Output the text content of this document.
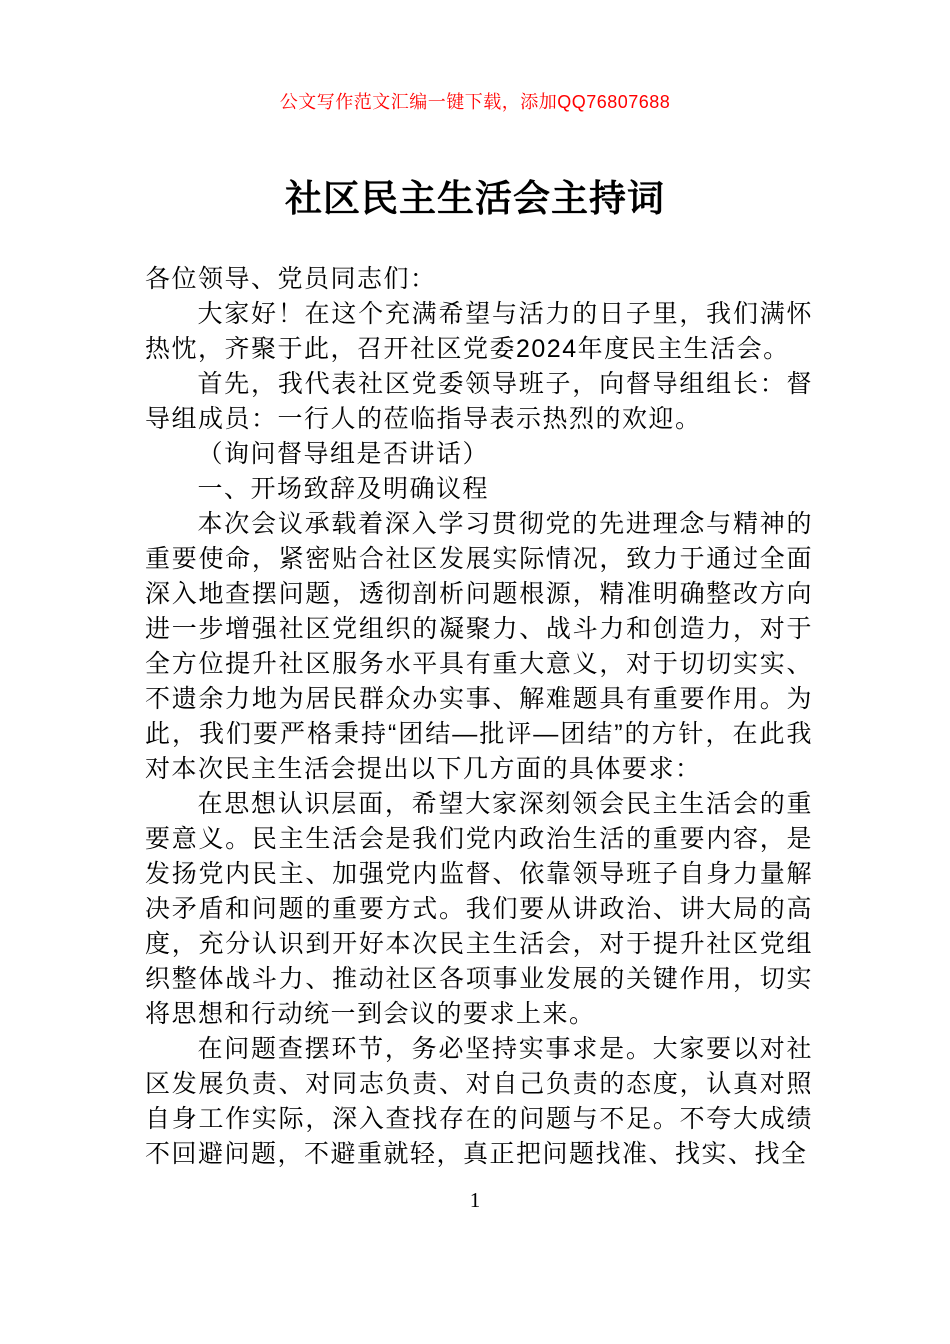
公文写作范文汇编一键下载，添加QQ76807688
社区民主生活会主持词

各位领导、党员同志们：

大家好！在这个充满希望与活力的日子里，我们满怀热忱，齐聚于此，召开社区党委2024年度民主生活会。

首先，我代表社区党委领导班子，向督导组组长：督导组成员：一行人的莅临指导表示热烈的欢迎。

（询问督导组是否讲话）

一、开场致辞及明确议程

本次会议承载着深入学习贯彻党的先进理念与精神的重要使命，紧密贴合社区发展实际情况，致力于通过全面深入地查摆问题，透彻剖析问题根源，精准明确整改方向进一步增强社区党组织的凝聚力、战斗力和创造力，对于全方位提升社区服务水平具有重大意义，对于切切实实、不遗余力地为居民群众办实事、解难题具有重要作用。为此，我们要严格秉持“团结—批评—团结”的方针，在此我对本次民主生活会提出以下几方面的具体要求：

在思想认识层面，希望大家深刻领会民主生活会的重要意义。民主生活会是我们党内政治生活的重要内容，是发扬党内民主、加强党内监督、依靠领导班子自身力量解决矛盾和问题的重要方式。我们要从讲政治、讲大局的高度，充分认识到开好本次民主生活会，对于提升社区党组织整体战斗力、推动社区各项事业发展的关键作用，切实将思想和行动统一到会议的要求上来。

在问题查摆环节，务必坚持实事求是。大家要以对社区发展负责、对同志负责、对自己负责的态度，认真对照自身工作实际，深入查找存在的问题与不足。不夸大成绩不回避问题，不避重就轻，真正把问题找准、找实、找全

1
